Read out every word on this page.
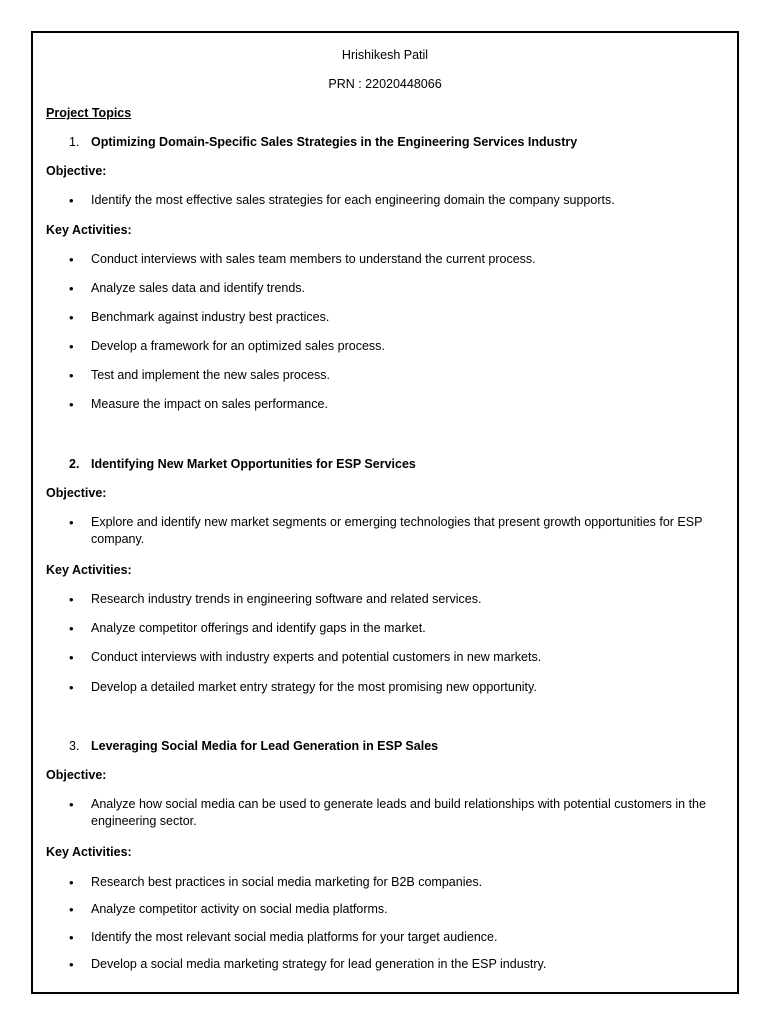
Hrishikesh Patil
PRN : 22020448066
Project Topics
1. Optimizing Domain-Specific Sales Strategies in the Engineering Services Industry
Objective:
• Identify the most effective sales strategies for each engineering domain the company supports.
Key Activities:
• Conduct interviews with sales team members to understand the current process.
• Analyze sales data and identify trends.
• Benchmark against industry best practices.
• Develop a framework for an optimized sales process.
• Test and implement the new sales process.
• Measure the impact on sales performance.
2. Identifying New Market Opportunities for ESP Services
Objective:
• Explore and identify new market segments or emerging technologies that present growth opportunities for ESP company.
Key Activities:
• Research industry trends in engineering software and related services.
• Analyze competitor offerings and identify gaps in the market.
• Conduct interviews with industry experts and potential customers in new markets.
• Develop a detailed market entry strategy for the most promising new opportunity.
3. Leveraging Social Media for Lead Generation in ESP Sales
Objective:
• Analyze how social media can be used to generate leads and build relationships with potential customers in the engineering sector.
Key Activities:
• Research best practices in social media marketing for B2B companies.
• Analyze competitor activity on social media platforms.
• Identify the most relevant social media platforms for your target audience.
• Develop a social media marketing strategy for lead generation in the ESP industry.
